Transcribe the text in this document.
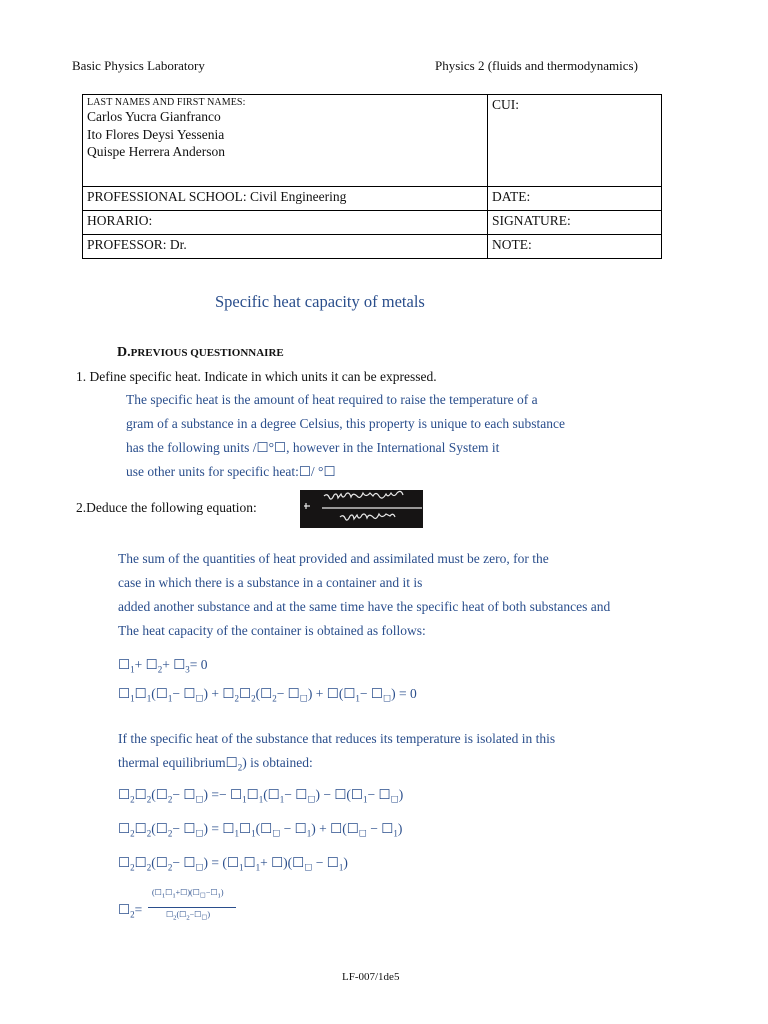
Basic Physics Laboratory	Physics 2 (fluids and thermodynamics)
LAST NAMES AND FIRST NAMES:
Carlos Yucra Gianfranco
Ito Flores Deysi Yessenia
Quispe Herrera Anderson	CUI:
PROFESSIONAL SCHOOL: Civil Engineering	DATE:
HORARIO:	SIGNATURE:
PROFESSOR: Dr.	NOTE:
Specific heat capacity of metals
D.PREVIOUS QUESTIONNAIRE
1. Define specific heat. Indicate in which units it can be expressed.
The specific heat is the amount of heat required to raise the temperature of a
gram of a substance in a degree Celsius, this property is unique to each substance
has the following units /☐°☐, however in the International System it
use other units for specific heat:☐/ °☐
2.Deduce the following equation:
The sum of the quantities of heat provided and assimilated must be zero, for the
case in which there is a substance in a container and it is
added another substance and at the same time have the specific heat of both substances and
The heat capacity of the container is obtained as follows:
$☐_1+$ $☐_2+$ $☐_3= 0$
$☐_1☐_1(☐_1-$ $☐_☐$) + $☐_2☐_2(☐_2-$ $☐_☐$) + $☐(☐_1-$ $☐_☐) = 0$
If the specific heat of the substance that reduces its temperature is isolated in this
thermal $equilibrium☐_2$) is obtained:
$☐_2☐_2(☐_2-$ $☐_☐$) =− $☐_1☐_1(☐_1-$ $☐_☐$) − $☐(☐_1-$ $☐_☐$)
$☐_2☐_2(☐_2-$ $☐_☐$) = $☐_1☐_1(☐_☐$ − $☐_1$) + $☐(☐_☐$ − $☐_1$)
$☐_2☐_2(☐_2-$ $☐_☐$) = ($☐_1☐_1+$ $☐)(☐_☐$ − $☐_1$)
$☐_2=$
$(☐_1☐_1+☐)(☐_☐-☐_1)$
$☐_2(☐_2-☐_☐)$
LF-007/1de5
